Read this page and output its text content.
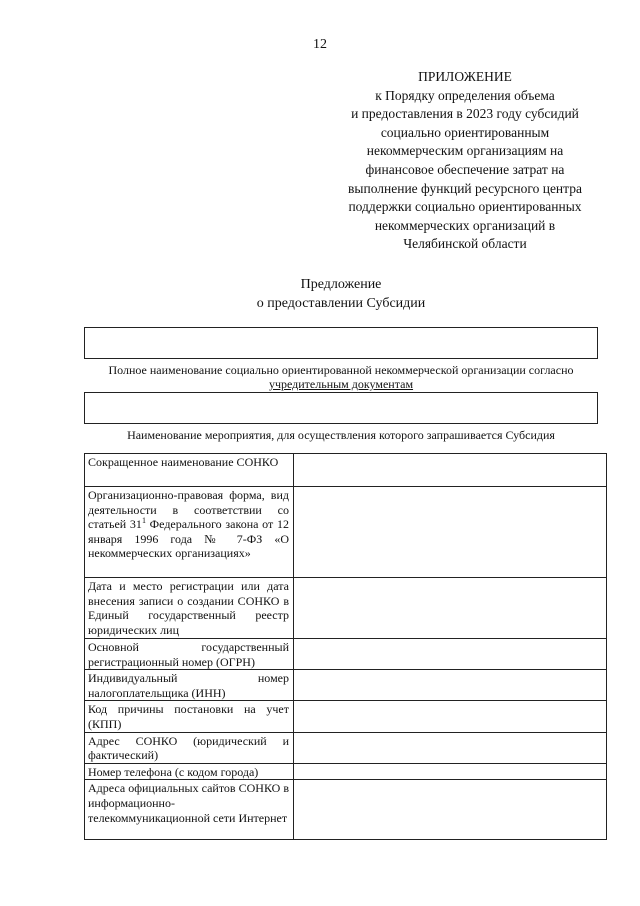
12
ПРИЛОЖЕНИЕ
к Порядку определения объема
и предоставления в 2023 году субсидий
социально ориентированным
некоммерческим организациям на
финансовое обеспечение затрат на
выполнение функций ресурсного центра
поддержки социально ориентированных
некоммерческих организаций в
Челябинской области
Предложение
о предоставлении Субсидии
Полное наименование социально ориентированной некоммерческой организации согласно
учредительным документам
Наименование мероприятия, для осуществления которого запрашивается Субсидия
Сокращенное наименование СОНКО	
Организационно-правовая форма, вид деятельности в соответствии со статьей $31^1$ Федерального закона от 12 января 1996 года № 7-ФЗ «О некоммерческих организациях»	
Дата и место регистрации или дата внесения записи о создании СОНКО в Единый государственный реестр юридических лиц	
Основной государственный регистрационный номер (ОГРН)	
Индивидуальный номер налогоплательщика (ИНН)	
Код причины постановки на учет (КПП)	
Адрес СОНКО (юридический и фактический)	
Номер телефона (с кодом города)	
Адреса официальных сайтов СОНКО в информационно-телекоммуникационной сети Интернет	
